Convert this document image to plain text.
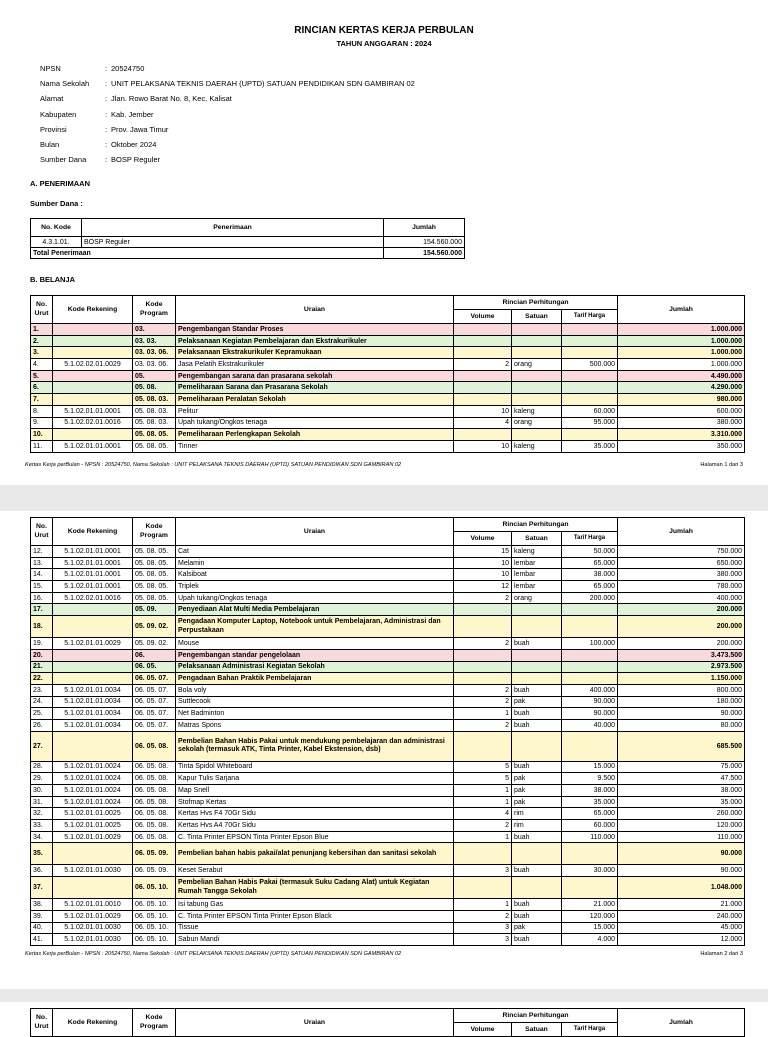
RINCIAN KERTAS KERJA PERBULAN
TAHUN ANGGARAN : 2024
NPSN	: 20524750
Nama Sekolah	: UNIT PELAKSANA TEKNIS DAERAH (UPTD) SATUAN PENDIDIKAN SDN GAMBIRAN 02
Alamat	: Jlan. Rowo Barat No. 8, Kec. Kalisat
Kabupaten	: Kab. Jember
Provinsi	: Prov. Jawa Timur
Bulan	: Oktober 2024
Sumber Dana	: BOSP Reguler
A. PENERIMAAN
Sumber Dana :
No. Kode	Penerimaan	Jumlah
4.3.1.01.	BOSP Reguler	154.560.000
Total Penerimaan		154.560.000
B. BELANJA
No. Urut	Kode Rekening	Kode Program	Uraian	Rincian Perhitungan			Jumlah
				Volume	Satuan	Tarif Harga	
1.		03.	Pengembangan Standar Proses				1.000.000
2.		03. 03.	Pelaksanaan Kegiatan Pembelajaran dan Ekstrakurikuler				1.000.000
3.		03. 03. 06.	Pelaksanaan Ekstrakurikuler Kepramukaan				1.000.000
4.	5.1.02.02.01.0029	03. 03. 06.	Jasa Pelatih Ekstrakurikuler	2	orang	500.000	1.000.000
5.		05.	Pengembangan sarana dan prasarana sekolah				4.490.000
6.		05. 08.	Pemeliharaan Sarana dan Prasarana Sekolah				4.290.000
7.		05. 08. 03.	Pemeliharaan Peralatan Sekolah				980.000
8.	5.1.02.01.01.0001	05. 08. 03.	Pelitur	10	kaleng	60.000	600.000
9.	5.1.02.02.01.0016	05. 08. 03.	Upah tukang/Ongkos tenaga	4	orang	95.000	380.000
10.		05. 08. 05.	Pemeliharaan Perlengkapan Sekolah				3.310.000
11.	5.1.02.01.01.0001	05. 08. 05.	Tinner	10	kaleng	35.000	350.000
Kertas Kerja perBulan - NPSN : 20524750, Nama Sekolah : UNIT PELAKSANA TEKNIS DAERAH (UPTD) SATUAN PENDIDIKAN SDN GAMBIRAN 02	Halaman 1 dari 3
No. Urut	Kode Rekening	Kode Program	Uraian	Rincian Perhitungan			Jumlah
				Volume	Satuan	Tarif Harga	
12.	5.1.02.01.01.0001	05. 08. 05.	Cat	15	kaleng	50.000	750.000
13.	5.1.02.01.01.0001	05. 08. 05.	Melamin	10	lembar	65.000	650.000
14.	5.1.02.01.01.0001	05. 08. 05.	Kalsiboat	10	lembar	38.000	380.000
15.	5.1.02.01.01.0001	05. 08. 05.	Triplek	12	lembar	65.000	780.000
16.	5.1.02.02.01.0016	05. 08. 05.	Upah tukang/Ongkos tenaga	2	orang	200.000	400.000
17.		05. 09.	Penyediaan Alat Multi Media Pembelajaran				200.000
18.		05. 09. 02.	Pengadaan Komputer Laptop, Notebook untuk Pembelajaran, Administrasi dan Perpustakaan				200.000
19.	5.1.02.01.01.0029	05. 09. 02.	Mouse	2	buah	100.000	200.000
20.		06.	Pengembangan standar pengelolaan				3.473.500
21.		06. 05.	Pelaksanaan Administrasi Kegiatan Sekolah				2.973.500
22.		06. 05. 07.	Pengadaan Bahan Praktik Pembelajaran				1.150.000
23.	5.1.02.01.01.0034	06. 05. 07.	Bola voly	2	buah	400.000	800.000
24.	5.1.02.01.01.0034	06. 05. 07.	Suttlecook	2	pak	90.000	180.000
25.	5.1.02.01.01.0034	06. 05. 07.	Net Badminton	1	buah	90.000	90.000
26.	5.1.02.01.01.0034	06. 05. 07.	Matras Spons	2	buah	40.000	80.000
27.		06. 05. 08.	Pembelian Bahan Habis Pakai untuk mendukung pembelajaran dan administrasi sekolah (termasuk ATK, Tinta Printer, Kabel Ekstension, dsb)				685.500
28.	5.1.02.01.01.0024	06. 05. 08.	Tinta Spidol Whiteboard	5	buah	15.000	75.000
29.	5.1.02.01.01.0024	06. 05. 08.	Kapur Tulis Sarjana	5	pak	9.500	47.500
30.	5.1.02.01.01.0024	06. 05. 08.	Map Snell	1	pak	38.000	38.000
31.	5.1.02.01.01.0024	06. 05. 08.	Stofmap Kertas	1	pak	35.000	35.000
32.	5.1.02.01.01.0025	06. 05. 08.	Kertas Hvs F4 70Gr Sidu	4	rim	65.000	260.000
33.	5.1.02.01.01.0025	06. 05. 08.	Kertas Hvs A4 70Gr Sidu	2	rim	60.000	120.000
34.	5.1.02.01.01.0029	06. 05. 08.	C. Tinta Printer EPSON Tinta Printer Epson Blue	1	buah	110.000	110.000
35.		06. 05. 09.	Pembelian bahan habis pakai/alat penunjang kebersihan dan sanitasi sekolah				90.000
36.	5.1.02.01.01.0030	06. 05. 09.	Keset Serabut	3	buah	30.000	90.000
37.		06. 05. 10.	Pembelian Bahan Habis Pakai (termasuk Suku Cadang Alat) untuk Kegiatan Rumah Tangga Sekolah				1.048.000
38.	5.1.02.01.01.0010	06. 05. 10.	Isi tabung Gas	1	buah	21.000	21.000
39.	5.1.02.01.01.0029	06. 05. 10.	C. Tinta Printer EPSON Tinta Printer Epson Black	2	buah	120.000	240.000
40.	5.1.02.01.01.0030	06. 05. 10.	Tissue	3	pak	15.000	45.000
41.	5.1.02.01.01.0030	06. 05. 10.	Sabun Mandi	3	buah	4.000	12.000
Kertas Kerja perBulan - NPSN : 20524750, Nama Sekolah : UNIT PELAKSANA TEKNIS DAERAH (UPTD) SATUAN PENDIDIKAN SDN GAMBIRAN 02	Halaman 2 dari 3
No. Urut	Kode Rekening	Kode Program	Uraian	Rincian Perhitungan			Jumlah
				Volume	Satuan	Tarif Harga	
